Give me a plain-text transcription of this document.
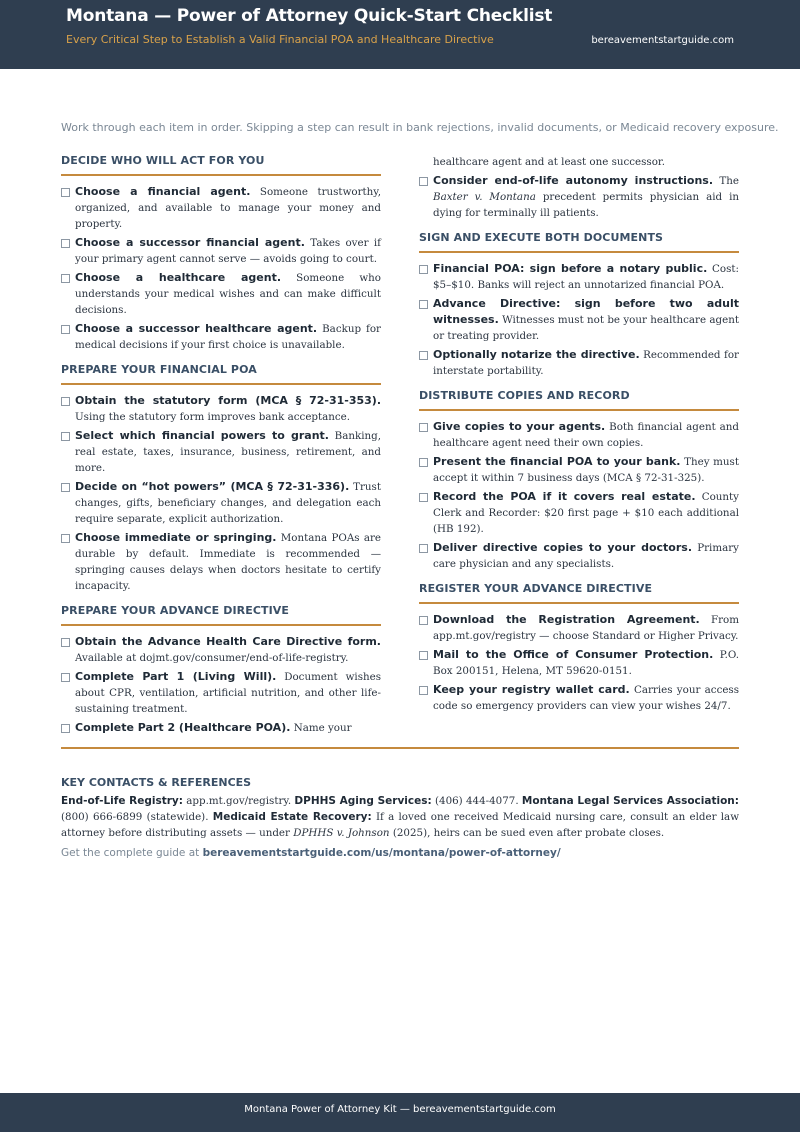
Montana — Power of Attorney Quick-Start Checklist
Every Critical Step to Establish a Valid Financial POA and Healthcare Directive	bereavementstartguide.com
Work through each item in order. Skipping a step can result in bank rejections, invalid documents, or Medicaid recovery exposure.
DECIDE WHO WILL ACT FOR YOU
Choose a financial agent. Someone trustworthy, organized, and available to manage your money and property.
Choose a successor financial agent. Takes over if your primary agent cannot serve — avoids going to court.
Choose a healthcare agent. Someone who understands your medical wishes and can make difficult decisions.
Choose a successor healthcare agent. Backup for medical decisions if your first choice is unavailable.
PREPARE YOUR FINANCIAL POA
Obtain the statutory form (MCA § 72-31-353). Using the statutory form improves bank acceptance.
Select which financial powers to grant. Banking, real estate, taxes, insurance, business, retirement, and more.
Decide on “hot powers” (MCA § 72-31-336). Trust changes, gifts, beneficiary changes, and delegation each require separate, explicit authorization.
Choose immediate or springing. Montana POAs are durable by default. Immediate is recommended — springing causes delays when doctors hesitate to certify incapacity.
PREPARE YOUR ADVANCE DIRECTIVE
Obtain the Advance Health Care Directive form. Available at dojmt.gov/consumer/end-of-life-registry.
Complete Part 1 (Living Will). Document wishes about CPR, ventilation, artificial nutrition, and other life-sustaining treatment.
Complete Part 2 (Healthcare POA). Name your
healthcare agent and at least one successor.
Consider end-of-life autonomy instructions. The Baxter v. Montana precedent permits physician aid in dying for terminally ill patients.
SIGN AND EXECUTE BOTH DOCUMENTS
Financial POA: sign before a notary public. Cost: $5–$10. Banks will reject an unnotarized financial POA.
Advance Directive: sign before two adult witnesses. Witnesses must not be your healthcare agent or treating provider.
Optionally notarize the directive. Recommended for interstate portability.
DISTRIBUTE COPIES AND RECORD
Give copies to your agents. Both financial agent and healthcare agent need their own copies.
Present the financial POA to your bank. They must accept it within 7 business days (MCA § 72-31-325).
Record the POA if it covers real estate. County Clerk and Recorder: $20 first page + $10 each additional (HB 192).
Deliver directive copies to your doctors. Primary care physician and any specialists.
REGISTER YOUR ADVANCE DIRECTIVE
Download the Registration Agreement. From app.mt.gov/registry — choose Standard or Higher Privacy.
Mail to the Office of Consumer Protection. P.O. Box 200151, Helena, MT 59620-0151.
Keep your registry wallet card. Carries your access code so emergency providers can view your wishes 24/7.
KEY CONTACTS & REFERENCES
End-of-Life Registry: app.mt.gov/registry. DPHHS Aging Services: (406) 444-4077. Montana Legal Services Association: (800) 666-6899 (statewide). Medicaid Estate Recovery: If a loved one received Medicaid nursing care, consult an elder law attorney before distributing assets — under DPHHS v. Johnson (2025), heirs can be sued even after probate closes.
Get the complete guide at bereavementstartguide.com/us/montana/power-of-attorney/
Montana Power of Attorney Kit — bereavementstartguide.com
